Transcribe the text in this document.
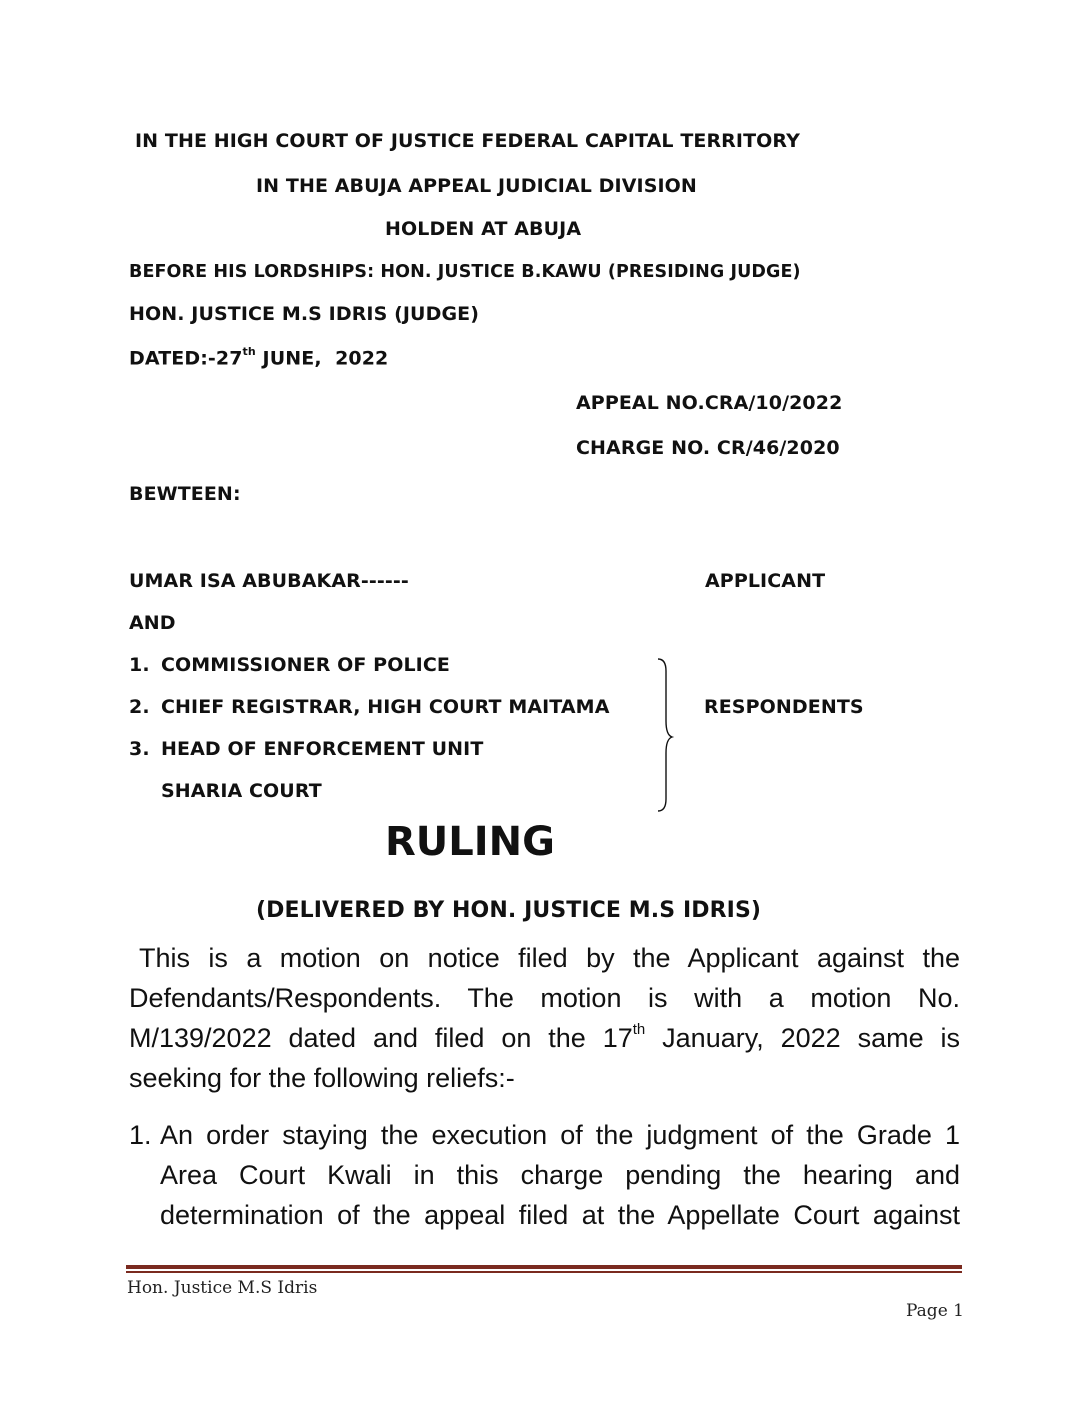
IN THE HIGH COURT OF JUSTICE FEDERAL CAPITAL TERRITORY
IN THE ABUJA APPEAL JUDICIAL DIVISION
HOLDEN AT ABUJA
BEFORE HIS LORDSHIPS: HON. JUSTICE B.KAWU (PRESIDING JUDGE)
HON. JUSTICE M.S IDRIS (JUDGE)
DATED:-27th JUNE,  2022
APPEAL NO.CRA/10/2022
CHARGE NO. CR/46/2020
BEWTEEN:
UMAR ISA ABUBAKAR------	APPLICANT
AND
1. COMMISSIONER OF POLICE
2. CHIEF REGISTRAR, HIGH COURT MAITAMA
3. HEAD OF ENFORCEMENT UNIT
SHARIA COURT
RESPONDENTS
RULING
(DELIVERED BY HON. JUSTICE M.S IDRIS)
This is a motion on notice filed by the Applicant against the
Defendants/Respondents. The motion is with a motion No.
M/139/2022 dated and filed on the 17th January, 2022 same is
seeking for the following reliefs:-
1. An order staying the execution of the judgment of the Grade 1
Area Court Kwali in this charge pending the hearing and
determination of the appeal filed at the Appellate Court against
Hon. Justice M.S Idris
Page 1
